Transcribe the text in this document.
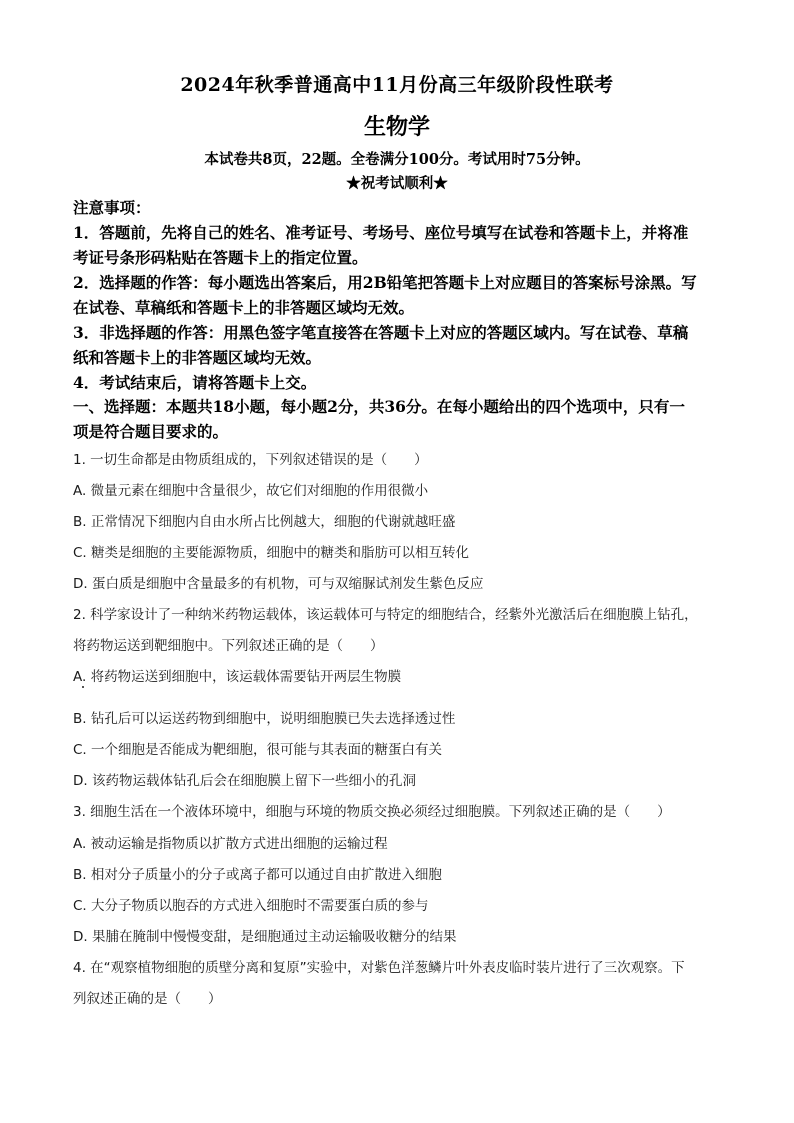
2024年秋季普通高中11月份高三年级阶段性联考
生物学
本试卷共8页，22题。全卷满分100分。考试用时75分钟。
★祝考试顺利★
注意事项：
1．答题前，先将自己的姓名、准考证号、考场号、座位号填写在试卷和答题卡上，并将准
考证号条形码粘贴在答题卡上的指定位置。
2．选择题的作答：每小题选出答案后，用2B铅笔把答题卡上对应题目的答案标号涂黑。写
在试卷、草稿纸和答题卡上的非答题区域均无效。
3．非选择题的作答：用黑色签字笔直接答在答题卡上对应的答题区域内。写在试卷、草稿
纸和答题卡上的非答题区域均无效。
4．考试结束后，请将答题卡上交。
一、选择题：本题共18小题，每小题2分，共36分。在每小题给出的四个选项中，只有一
项是符合题目要求的。
1. 一切生命都是由物质组成的，下列叙述错误的是（　　）
A. 微量元素在细胞中含量很少，故它们对细胞的作用很微小
B. 正常情况下细胞内自由水所占比例越大，细胞的代谢就越旺盛
C. 糖类是细胞的主要能源物质，细胞中的糖类和脂肪可以相互转化
D. 蛋白质是细胞中含量最多的有机物，可与双缩脲试剂发生紫色反应
2. 科学家设计了一种纳米药物运载体，该运载体可与特定的细胞结合，经紫外光激活后在细胞膜上钻孔，
将药物运送到靶细胞中。下列叙述正确的是（　　）
A. 将药物运送到细胞中，该运载体需要钻开两层生物膜
B. 钻孔后可以运送药物到细胞中，说明细胞膜已失去选择透过性
C. 一个细胞是否能成为靶细胞，很可能与其表面的糖蛋白有关
D. 该药物运载体钻孔后会在细胞膜上留下一些细小的孔洞
3. 细胞生活在一个液体环境中，细胞与环境的物质交换必须经过细胞膜。下列叙述正确的是（　　）
A. 被动运输是指物质以扩散方式进出细胞的运输过程
B. 相对分子质量小的分子或离子都可以通过自由扩散进入细胞
C. 大分子物质以胞吞的方式进入细胞时不需要蛋白质的参与
D. 果脯在腌制中慢慢变甜，是细胞通过主动运输吸收糖分的结果
4. 在“观察植物细胞的质壁分离和复原”实验中，对紫色洋葱鳞片叶外表皮临时装片进行了三次观察。下
列叙述正确的是（　　）
